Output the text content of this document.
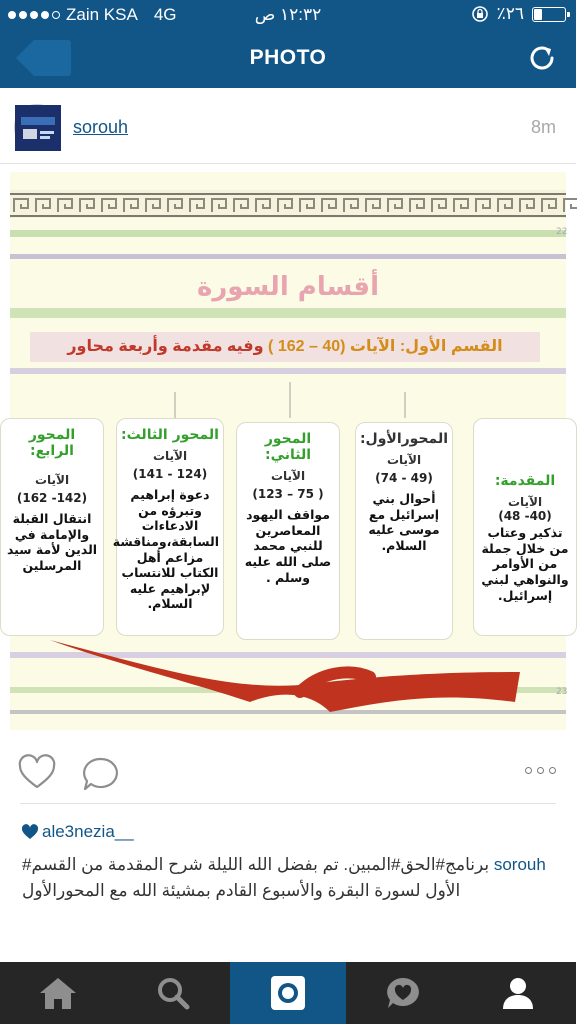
Zain KSA 4G	١٢:٣٢ ص	٪٢٦
PHOTO
sorouh	8m
22
23
أقسام السورة
القسم الأول: الآيات (40 – 162 ) وفيه مقدمة وأربعة محاور
المحور الرابع:
الآيات
(142- 162)
انتقال القبلة والإمامة في الدين لأمة سيد المرسلين
المحور الثالث:
الآيات
(124 - 141)
دعوة إبراهيم وتبرؤه من الادعاءات السابقة،ومناقشة مزاعم أهل الكتاب للانتساب لإبراهيم عليه السلام.
المحور الثاني:
الآيات
( 75 – 123)
مواقف اليهود المعاصرين للنبي محمد صلى الله عليه وسلم .
المحورالأول:
الآيات
(49 - 74)
أحوال بني إسرائيل مع موسى عليه السلام.
المقدمة:
الآيات
(40- 48)
تذكير وعتاب من خلال جملة من الأوامر والنواهي لبني إسرائيل.
ale3nezia__
sorouh برنامج#الحق#المبين. تم بفضل الله الليلة شرح المقدمة من القسم# الأول لسورة البقرة والأسبوع القادم بمشيئة الله مع المحورالأول
